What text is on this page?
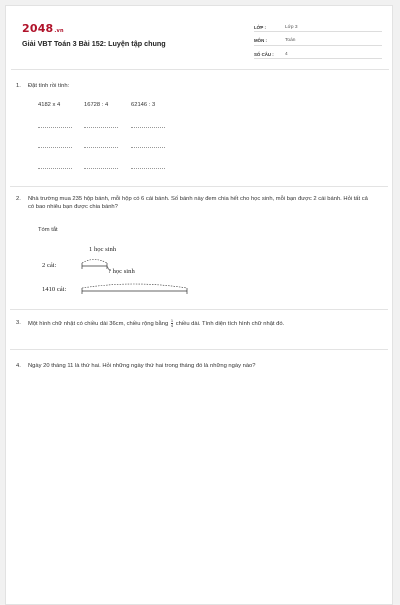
2048.vn
Giải VBT Toán 3 Bài 152: Luyện tập chung
LỚP :	Lớp 3
MÔN :	Toán
SỐ CÂU :	4
1. Đặt tính rồi tính:
4182 x 4	16728 : 4	62146 : 3
2. Nhà trường mua 235 hộp bánh, mỗi hộp có 6 cái bánh. Số bánh này đem chia hết cho học sinh, mỗi bạn được 2 cái bánh. Hỏi tất cả có bao nhiêu bạn được chia bánh?
Tóm tắt
1 học sinh
2 cái:
? học sinh
1410 cái:
3. Một hình chữ nhật có chiều dài 36cm, chiều rộng bằng $\frac{1}{4}$ chiều dài. Tính diện tích hình chữ nhật đó.
4. Ngày 20 tháng 11 là thứ hai. Hỏi những ngày thứ hai trong tháng đó là những ngày nào?
